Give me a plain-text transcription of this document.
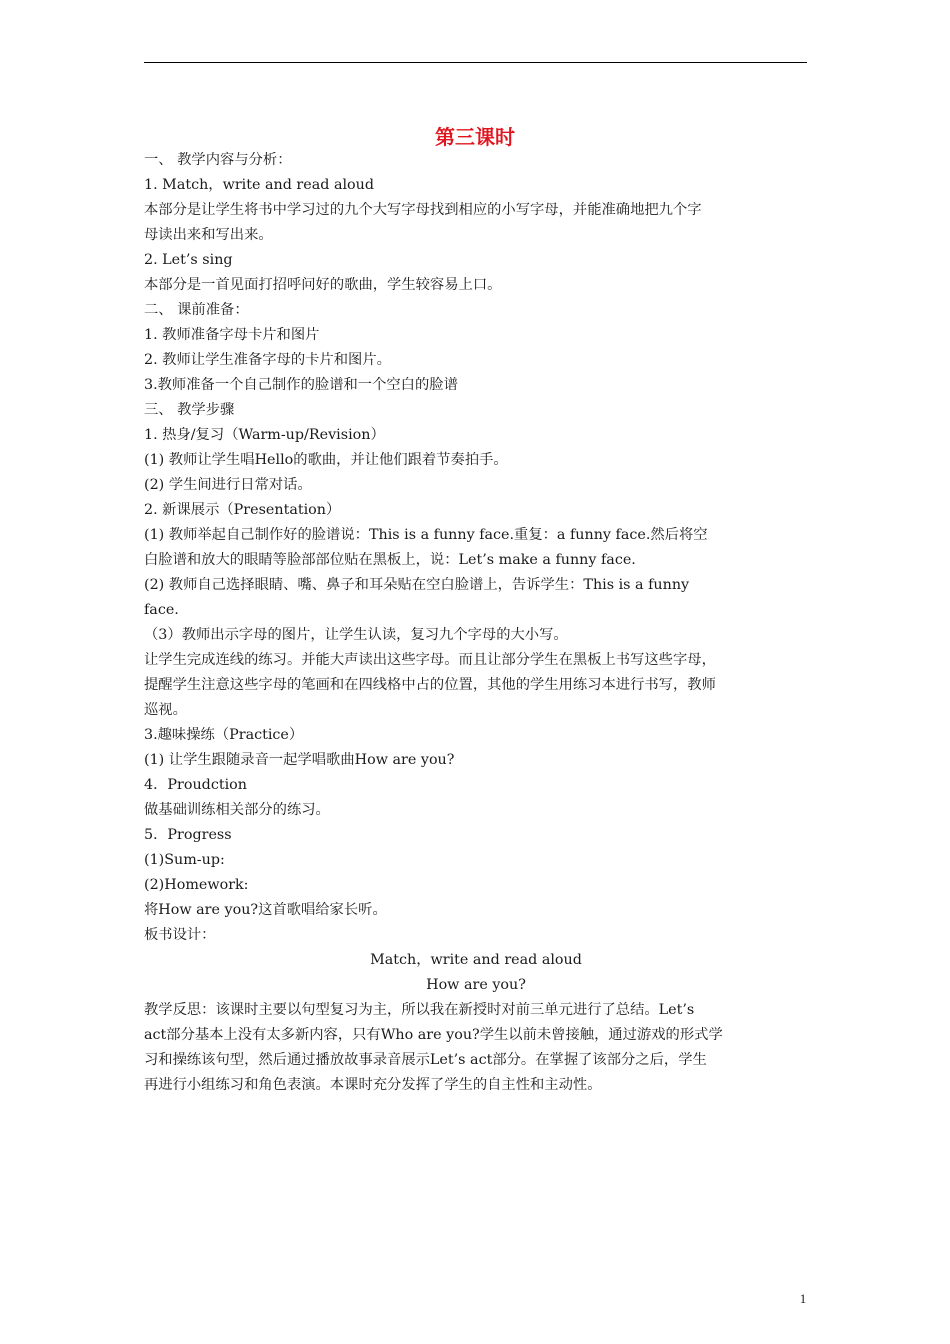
第三课时
一、 教学内容与分析：
1. Match，write and read aloud
本部分是让学生将书中学习过的九个大写字母找到相应的小写字母，并能准确地把九个字
母读出来和写出来。
2. Let’s sing
本部分是一首见面打招呼问好的歌曲，学生较容易上口。
二、 课前准备：
1. 教师准备字母卡片和图片
2. 教师让学生准备字母的卡片和图片。
3.教师准备一个自己制作的脸谱和一个空白的脸谱
三、 教学步骤
1. 热身/复习（Warm-up/Revision）
(1) 教师让学生唱Hello的歌曲，并让他们跟着节奏拍手。
(2) 学生间进行日常对话。
2. 新课展示（Presentation）
(1) 教师举起自己制作好的脸谱说：This is a funny face.重复：a funny face.然后将空
白脸谱和放大的眼睛等脸部部位贴在黑板上，说：Let’s make a funny face.
(2) 教师自己选择眼睛、嘴、鼻子和耳朵贴在空白脸谱上，告诉学生：This is a funny
face.
（3）教师出示字母的图片，让学生认读，复习九个字母的大小写。
让学生完成连线的练习。并能大声读出这些字母。而且让部分学生在黑板上书写这些字母，
提醒学生注意这些字母的笔画和在四线格中占的位置，其他的学生用练习本进行书写，教师
巡视。
3.趣味操练（Practice）
(1) 让学生跟随录音一起学唱歌曲How are you?
4．Proudction
做基础训练相关部分的练习。
5．Progress
(1)Sum-up:
(2)Homework:
将How are you?这首歌唱给家长听。
板书设计：
Match，write and read aloud
How are you?
教学反思：该课时主要以句型复习为主，所以我在新授时对前三单元进行了总结。Let’s
act部分基本上没有太多新内容，只有Who are you?学生以前未曾接触，通过游戏的形式学
习和操练该句型，然后通过播放故事录音展示Let’s act部分。在掌握了该部分之后，学生
再进行小组练习和角色表演。本课时充分发挥了学生的自主性和主动性。
1
